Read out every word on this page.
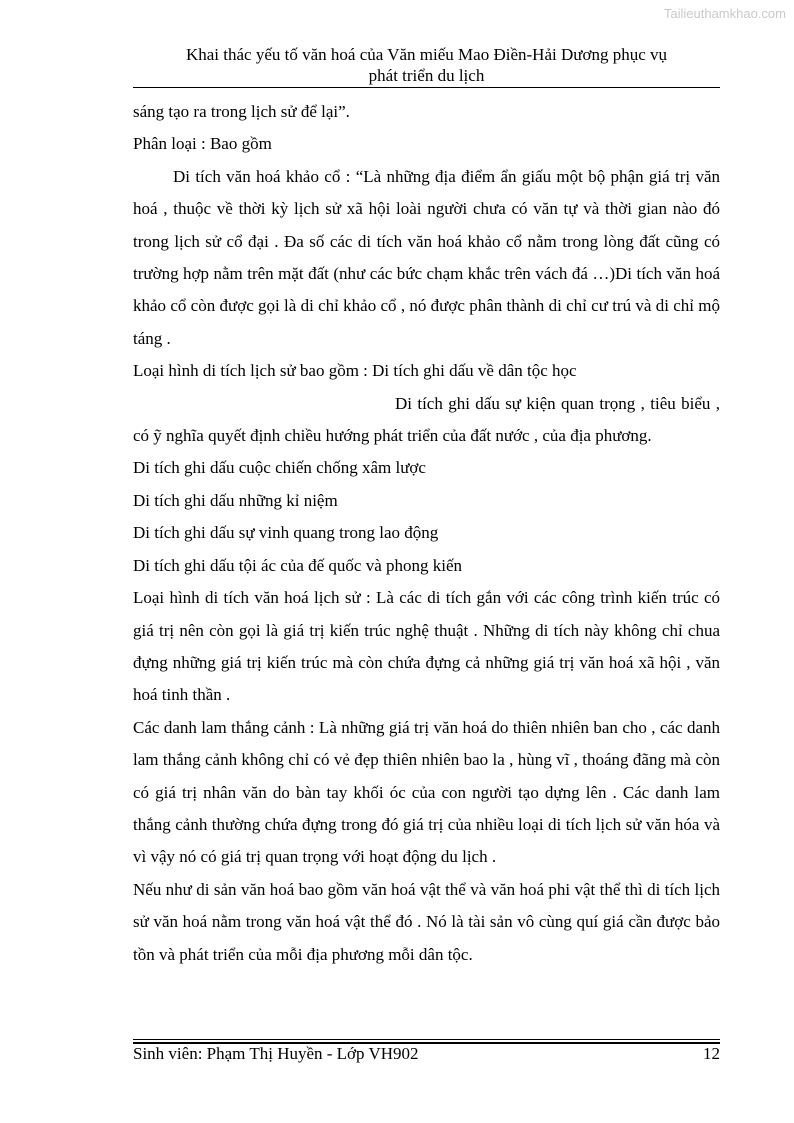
Tailieuthamkhao.com
Khai thác yếu tố văn hoá của Văn miếu Mao Điền-Hải Dương phục vụ
phát triển du lịch

sáng tạo ra trong lịch sử để lại”.

Phân loại : Bao gồm

Di tích văn hoá khảo cổ : “Là những địa điểm ẩn giấu một bộ phận giá trị văn hoá , thuộc về thời kỳ lịch sử xã hội loài người chưa có văn tự và thời gian nào đó trong lịch sử cổ đại . Đa số các di tích văn hoá khảo cổ nằm trong lòng đất cũng có trường hợp nằm trên mặt đất (như các bức chạm khắc trên vách đá …)Di tích văn hoá khảo cổ còn được gọi là di chỉ khảo cổ , nó được phân thành di chỉ cư trú và di chỉ mộ táng .

Loại hình di tích lịch sử bao gồm : Di tích ghi dấu về dân tộc học

Di tích ghi dấu sự kiện quan trọng , tiêu biểu , có ỹ nghĩa quyết định chiều hướng phát triển của đất nước , của địa phương.

Di tích ghi dấu cuộc chiến chống xâm lược

Di tích ghi dấu những kỉ niệm

Di tích ghi dấu sự vinh quang trong lao động

Di tích ghi dấu tội ác của đế quốc và phong kiến

Loại hình di tích văn hoá lịch sử : Là các di tích gắn với các công trình kiến trúc có giá trị nên còn gọi là giá trị kiến trúc nghệ thuật . Những di tích này không chỉ chua đựng những giá trị kiến trúc mà còn chứa đựng cả những giá trị văn hoá xã hội , văn hoá tinh thần .

Các danh lam thắng cảnh : Là những giá trị văn hoá do thiên nhiên ban cho , các danh lam thắng cảnh không chỉ có vẻ đẹp thiên nhiên bao la , hùng vĩ , thoáng đãng mà còn có giá trị nhân văn do bàn tay khối óc của con người tạo dựng lên . Các danh lam thắng cảnh thường chứa đựng trong đó giá trị của nhiều loại di tích lịch sử văn hóa và vì vậy nó có giá trị quan trọng với hoạt động du lịch .

Nếu như di sản văn hoá bao gồm văn hoá vật thể và văn hoá phi vật thể thì di tích lịch sử văn hoá nằm trong văn hoá vật thể đó . Nó là tài sản vô cùng quí giá cần được bảo tồn và phát triển của mỗi địa phương mỗi dân tộc.

Sinh viên: Phạm Thị Huyền - Lớp VH902	12
